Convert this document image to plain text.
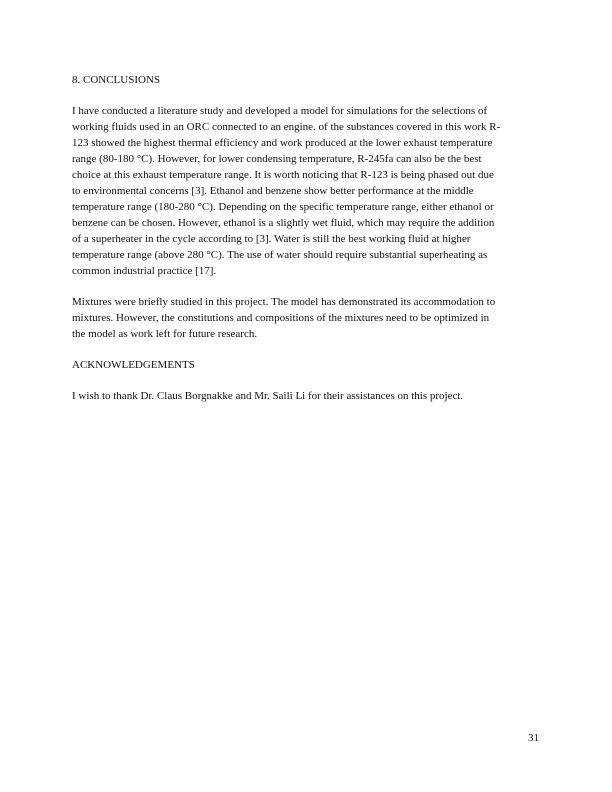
8. CONCLUSIONS

I have conducted a literature study and developed a model for simulations for the selections of
working fluids used in an ORC connected to an engine. of the substances covered in this work R-
123 showed the highest thermal efficiency and work produced at the lower exhaust temperature
range (80-180 °C). However, for lower condensing temperature, R-245fa can also be the best
choice at this exhaust temperature range. It is worth noticing that R-123 is being phased out due
to environmental concerns [3]. Ethanol and benzene show better performance at the middle
temperature range (180-280 °C). Depending on the specific temperature range, either ethanol or
benzene can be chosen. However, ethanol is a slightly wet fluid, which may require the addition
of a superheater in the cycle according to [3]. Water is still the best working fluid at higher
temperature range (above 280 °C). The use of water should require substantial superheating as
common industrial practice [17].

Mixtures were briefly studied in this project. The model has demonstrated its accommodation to
mixtures. However, the constitutions and compositions of the mixtures need to be optimized in
the model as work left for future research.

ACKNOWLEDGEMENTS

I wish to thank Dr. Claus Borgnakke and Mr. Saili Li for their assistances on this project.

31
